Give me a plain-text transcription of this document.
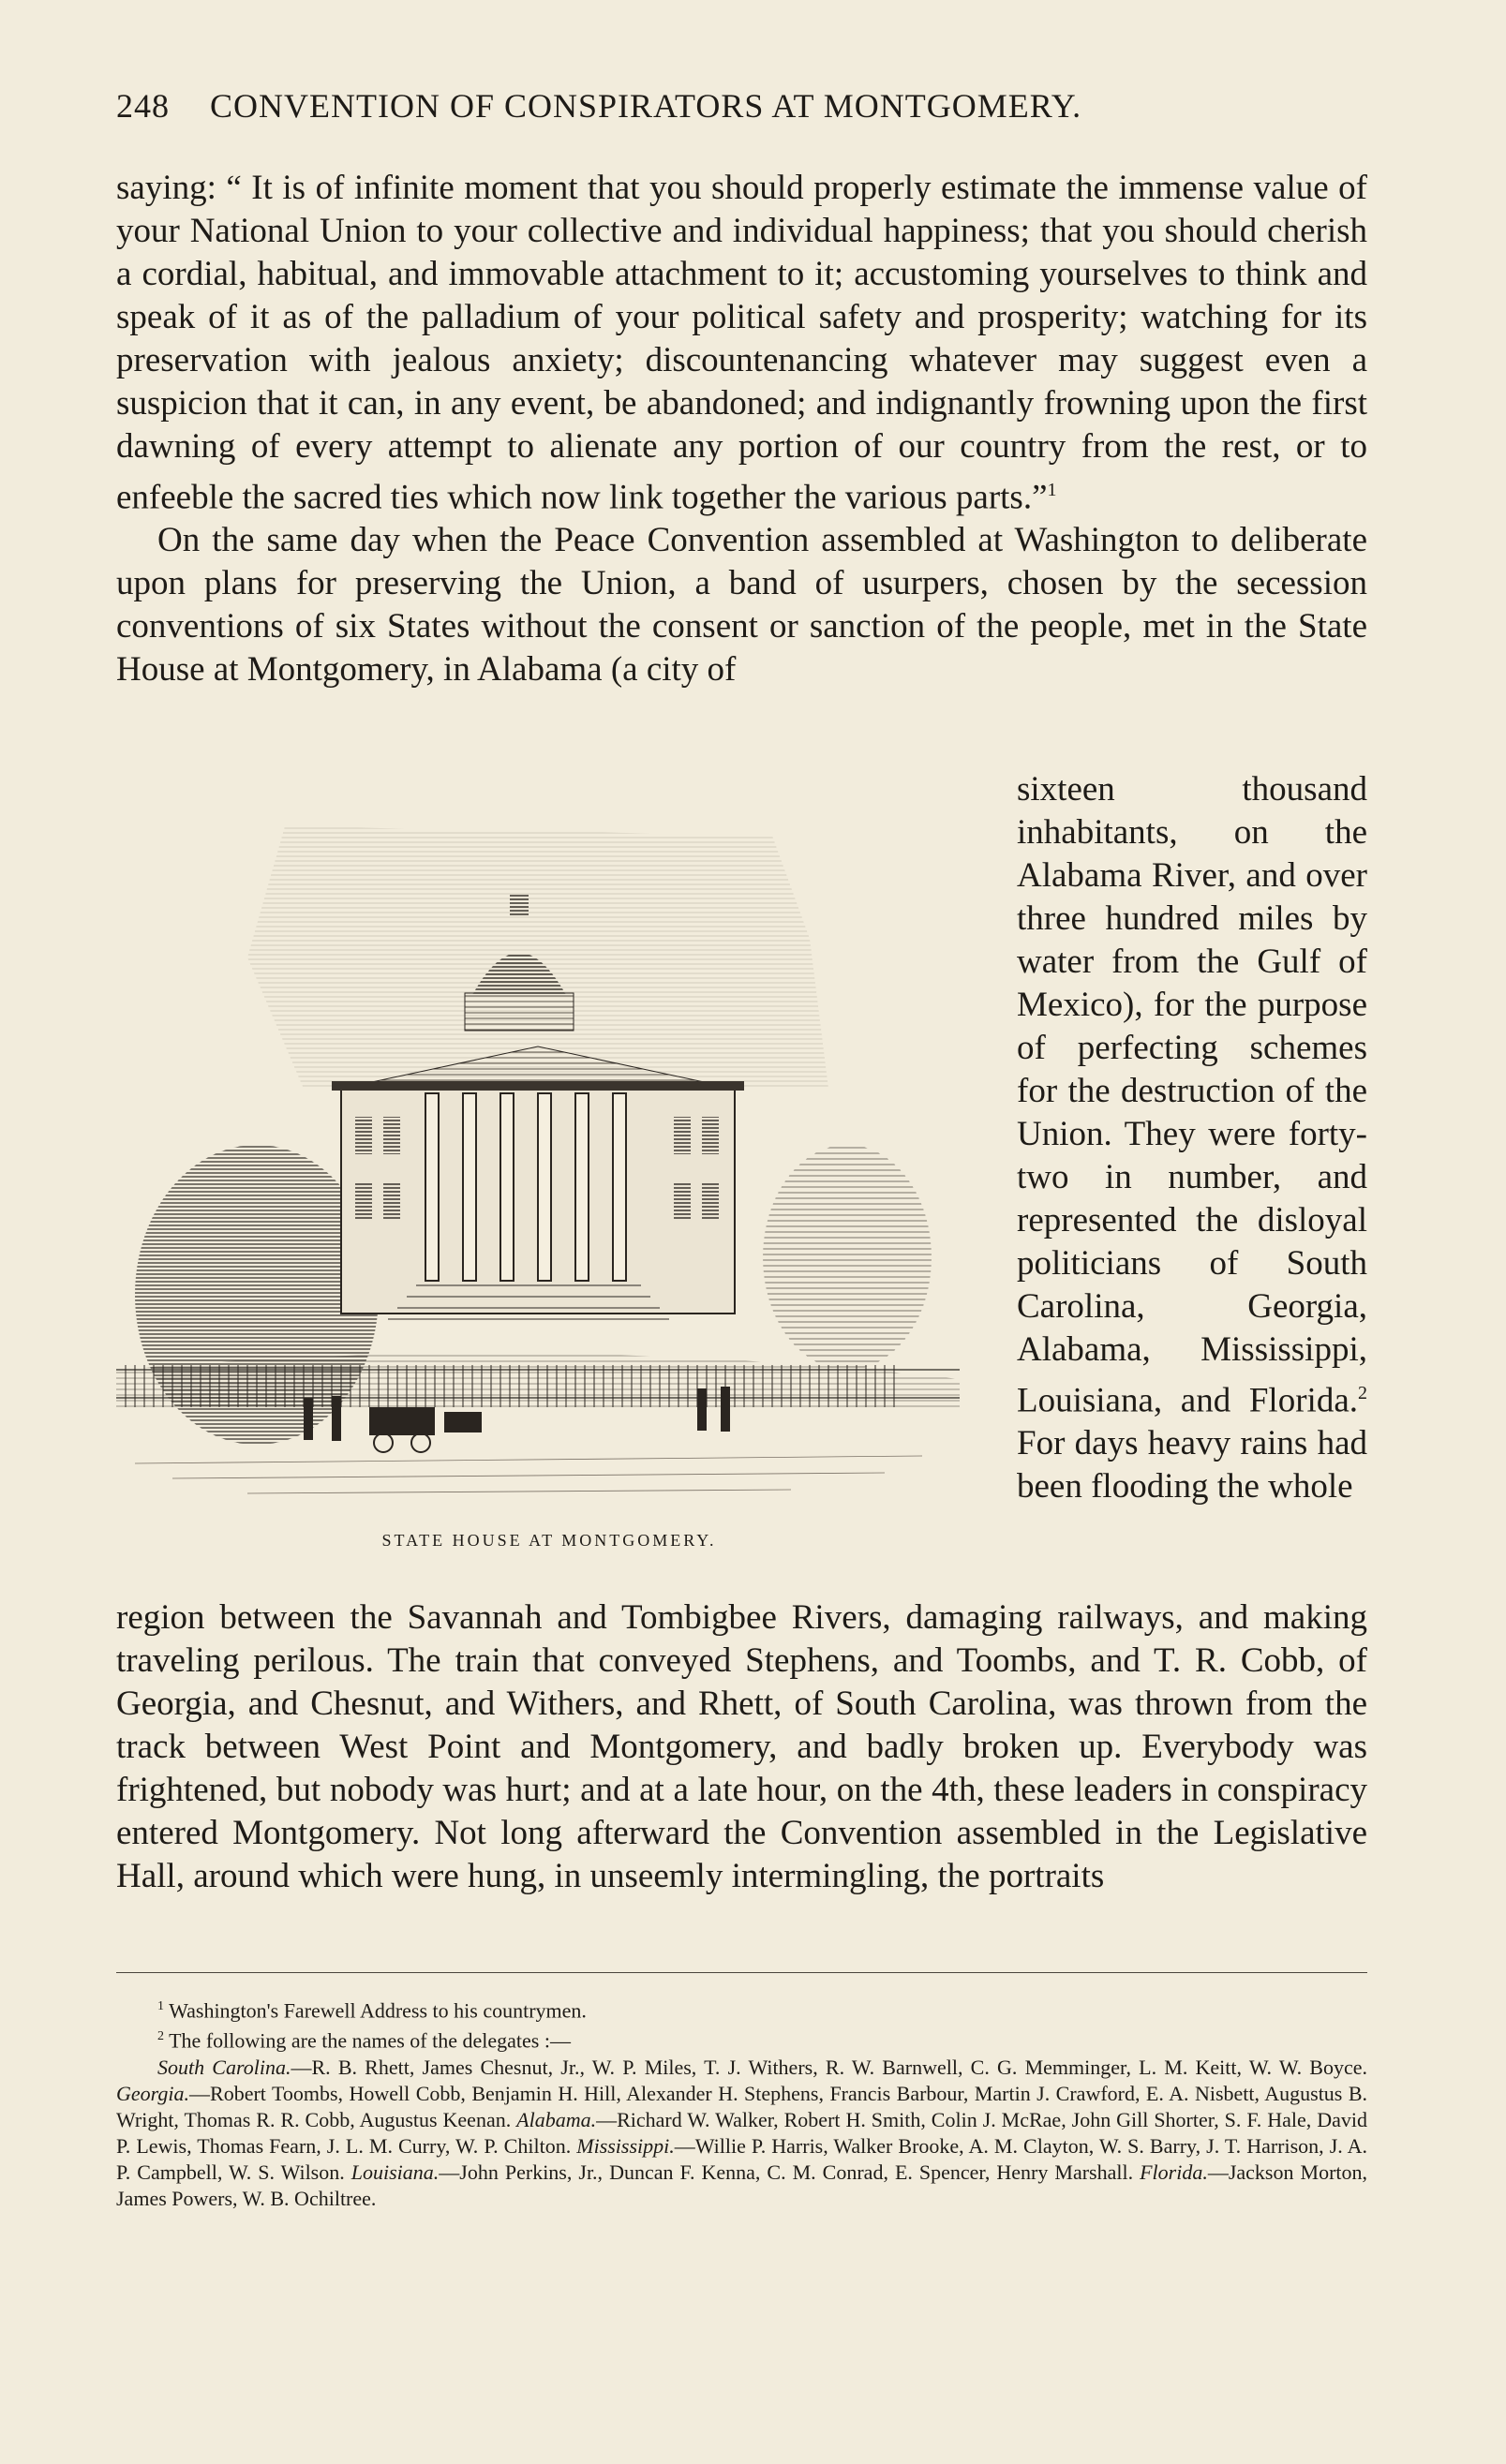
248 CONVENTION OF CONSPIRATORS AT MONTGOMERY.

saying: “ It is of infinite moment that you should properly estimate the immense value of your National Union to your collective and individual happiness; that you should cherish a cordial, habitual, and immovable attachment to it; accustoming yourselves to think and speak of it as of the palladium of your political safety and prosperity; watching for its preservation with jealous anxiety; discountenancing whatever may suggest even a suspicion that it can, in any event, be abandoned; and indignantly frowning upon the first dawning of every attempt to alienate any portion of our country from the rest, or to enfeeble the sacred ties which now link together the various parts.”$^1$

On the same day when the Peace Convention assembled at Washington to deliberate upon plans for preserving the Union, a band of usurpers, chosen by the secession conventions of six States without the consent or sanction of the people, met in the State House at Montgomery, in Alabama (a city of

STATE HOUSE AT MONTGOMERY.

sixteen thousand inhabitants, on the Alabama River, and over three hundred miles by water from the Gulf of Mexico), for the purpose of perfecting schemes for the destruction of the Union. They were forty-two in number, and represented the disloyal politicians of South Carolina, Georgia, Alabama, Mississippi, Louisiana, and Florida.$^2$ For days heavy rains had been flooding the whole

region between the Savannah and Tombigbee Rivers, damaging railways, and making traveling perilous. The train that conveyed Stephens, and Toombs, and T. R. Cobb, of Georgia, and Chesnut, and Withers, and Rhett, of South Carolina, was thrown from the track between West Point and Montgomery, and badly broken up. Everybody was frightened, but nobody was hurt; and at a late hour, on the 4th, these leaders in conspiracy entered Montgomery. Not long afterward the Convention assembled in the Legislative Hall, around which were hung, in unseemly intermingling, the portraits

$^1$ Washington's Farewell Address to his countrymen.

$^2$ The following are the names of the delegates :—

South Carolina.—R. B. Rhett, James Chesnut, Jr., W. P. Miles, T. J. Withers, R. W. Barnwell, C. G. Memminger, L. M. Keitt, W. W. Boyce. Georgia.—Robert Toombs, Howell Cobb, Benjamin H. Hill, Alexander H. Stephens, Francis Barbour, Martin J. Crawford, E. A. Nisbett, Augustus B. Wright, Thomas R. R. Cobb, Augustus Keenan. Alabama.—Richard W. Walker, Robert H. Smith, Colin J. McRae, John Gill Shorter, S. F. Hale, David P. Lewis, Thomas Fearn, J. L. M. Curry, W. P. Chilton. Mississippi.—Willie P. Harris, Walker Brooke, A. M. Clayton, W. S. Barry, J. T. Harrison, J. A. P. Campbell, W. S. Wilson. Louisiana.—John Perkins, Jr., Duncan F. Kenna, C. M. Conrad, E. Spencer, Henry Marshall. Florida.—Jackson Morton, James Powers, W. B. Ochiltree.
